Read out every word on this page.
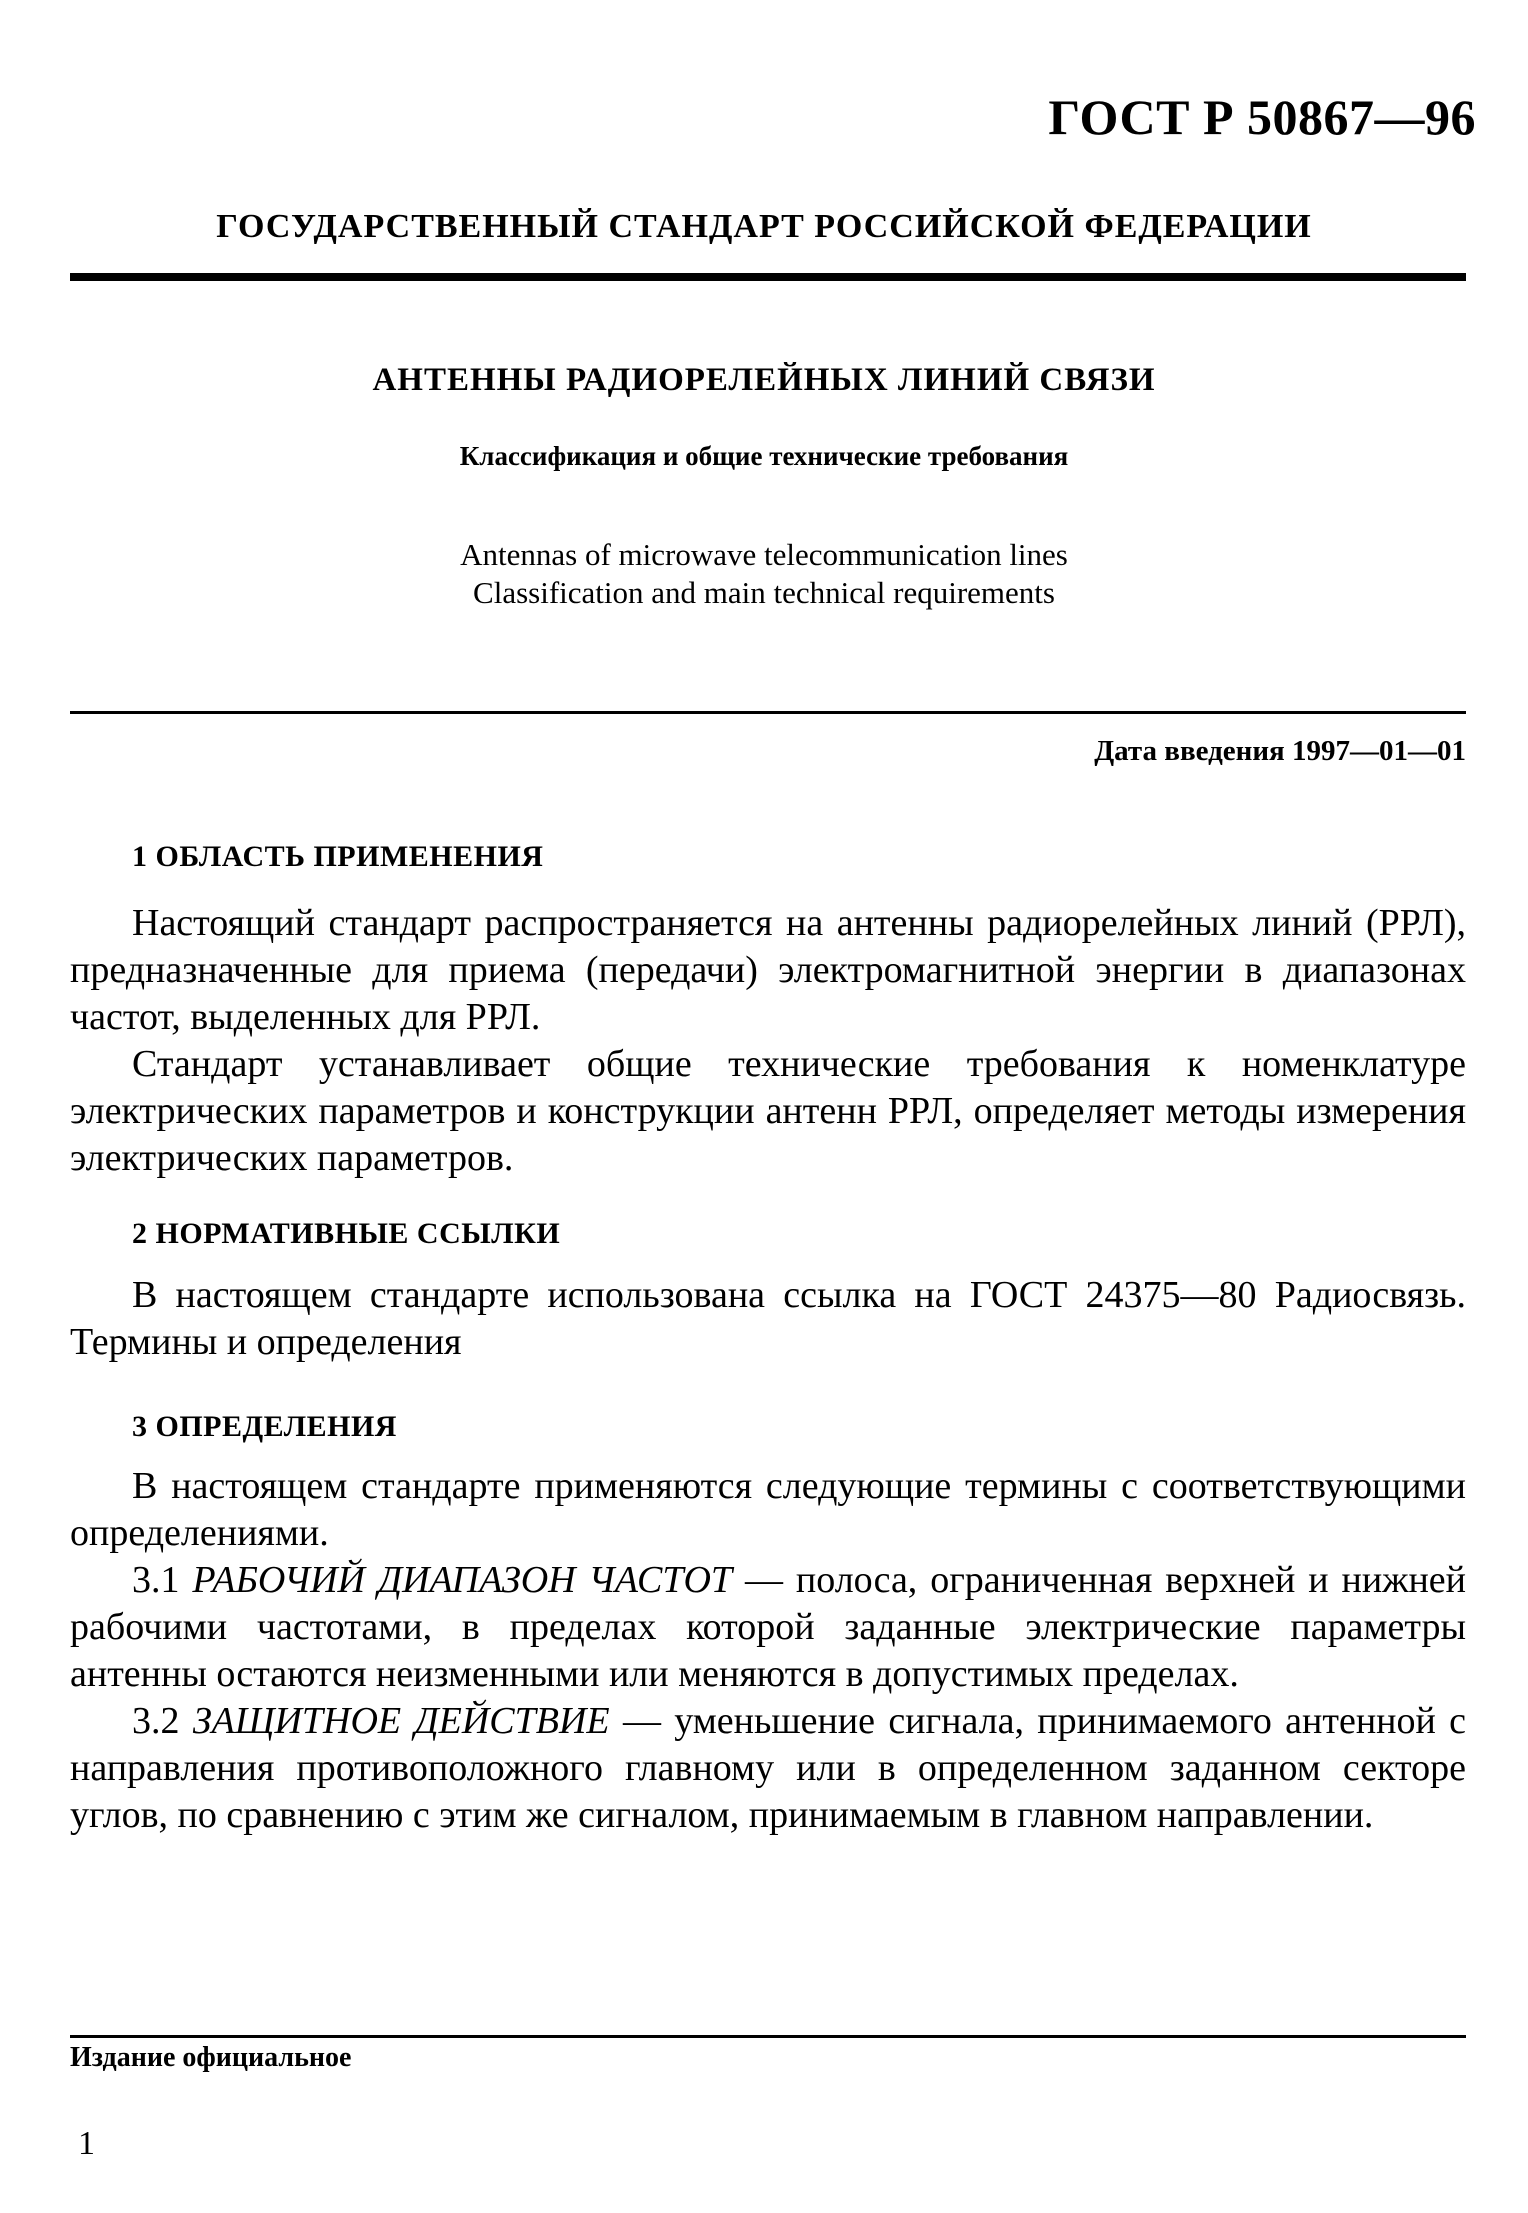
ГОСТ Р 50867—96
ГОСУДАРСТВЕННЫЙ СТАНДАРТ РОССИЙСКОЙ ФЕДЕРАЦИИ
АНТЕННЫ РАДИОРЕЛЕЙНЫХ ЛИНИЙ СВЯЗИ
Классификация и общие технические требования
Antennas of microwave telecommunication lines
Classification and main technical requirements
Дата введения 1997—01—01
1 ОБЛАСТЬ ПРИМЕНЕНИЯ

Настоящий стандарт распространяется на антенны радиорелейных линий (РРЛ), предназначенные для приема (передачи) электромагнитной энергии в диапазонах частот, выделенных для РРЛ.

Стандарт устанавливает общие технические требования к номенклатуре электрических параметров и конструкции антенн РРЛ, определяет методы измерения электрических параметров.

2 НОРМАТИВНЫЕ ССЫЛКИ

В настоящем стандарте использована ссылка на ГОСТ 24375—80 Радиосвязь. Термины и определения

3 ОПРЕДЕЛЕНИЯ

В настоящем стандарте применяются следующие термины с соответствующими определениями.

3.1 РАБОЧИЙ ДИАПАЗОН ЧАСТОТ — полоса, ограниченная верхней и нижней рабочими частотами, в пределах которой заданные электрические параметры антенны остаются неизменными или меняются в допустимых пределах.

3.2 ЗАЩИТНОЕ ДЕЙСТВИЕ — уменьшение сигнала, принимаемого антенной с направления противоположного главному или в определенном заданном секторе углов, по сравнению с этим же сигналом, принимаемым в главном направлении.

Издание официальное
1
